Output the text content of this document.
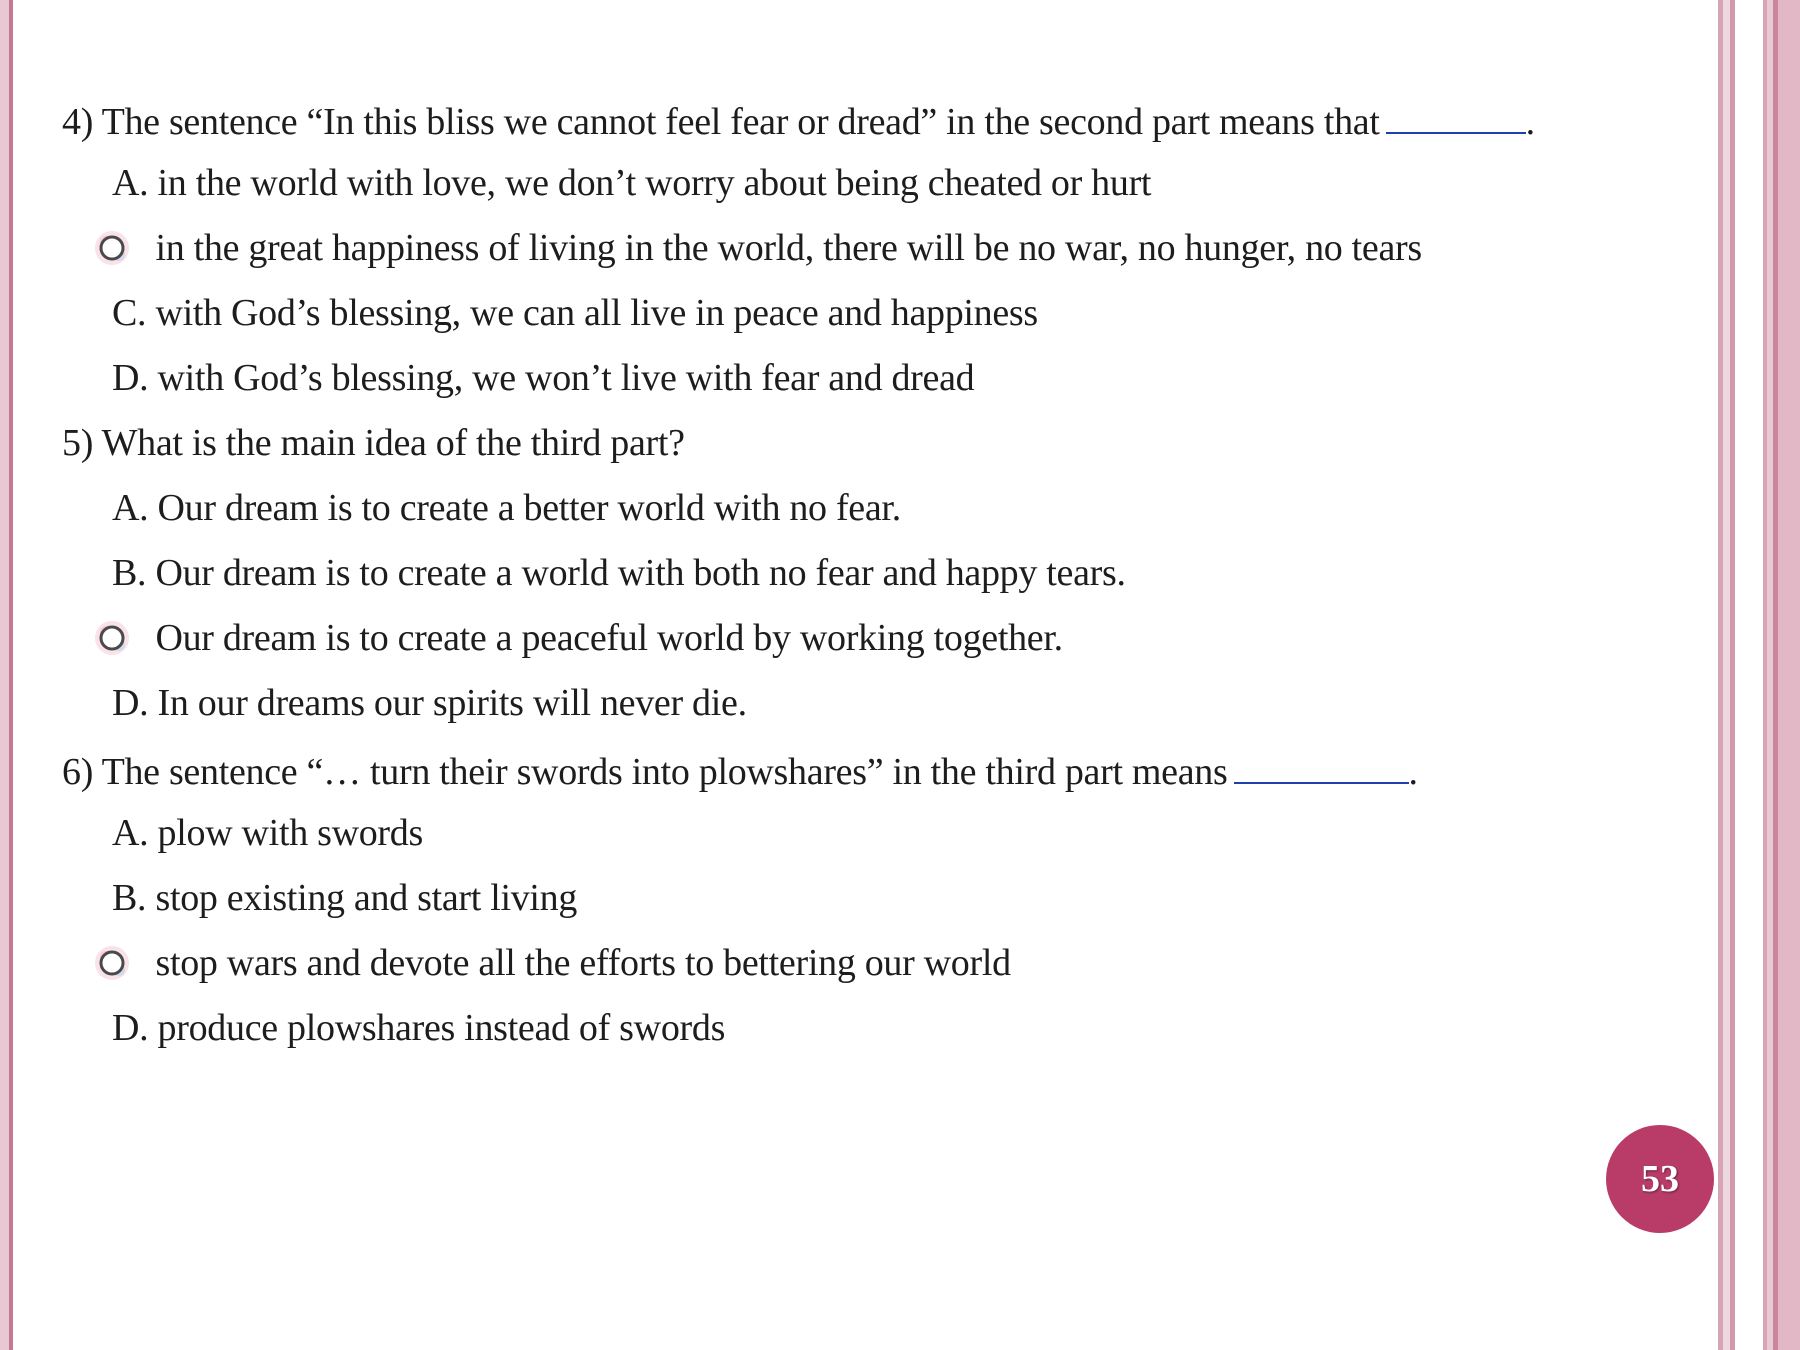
4) The sentence “In this bliss we cannot feel fear or dread” in the second part means that	.
A. in the world with love, we don’t worry about being cheated or hurt
in the great happiness of living in the world, there will be no war, no hunger, no tears
C. with God’s blessing, we can all live in peace and happiness
D. with God’s blessing, we won’t live with fear and dread
5) What is the main idea of the third part?
A. Our dream is to create a better world with no fear.
B. Our dream is to create a world with both no fear and happy tears.
Our dream is to create a peaceful world by working together.
D. In our dreams our spirits will never die.
6) The sentence “… turn their swords into plowshares” in the third part means	.
A. plow with swords
B. stop existing and start living
stop wars and devote all the efforts to bettering our world
D. produce plowshares instead of swords
53
